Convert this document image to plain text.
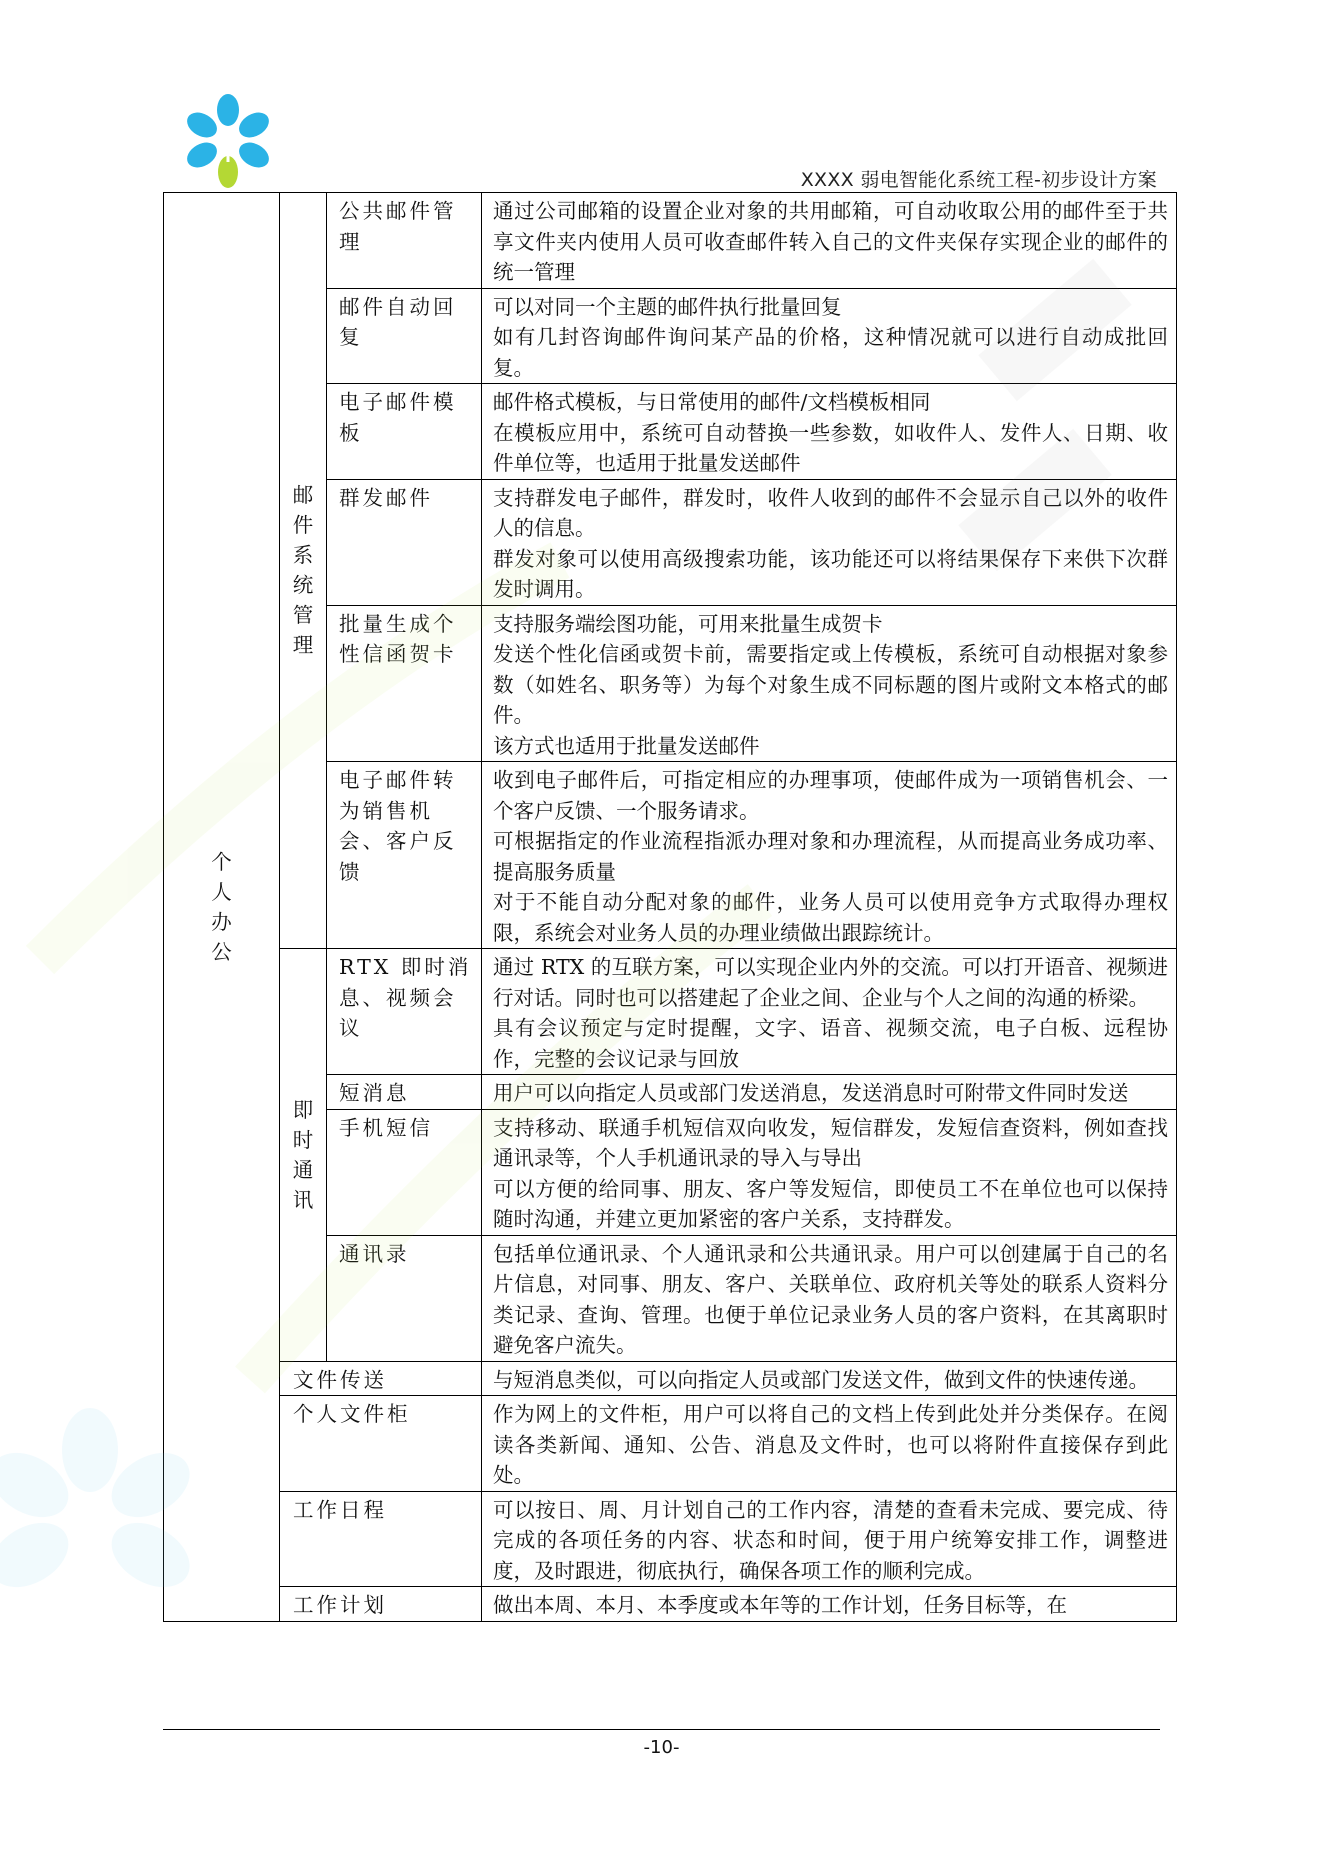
XXXX 弱电智能化系统工程-初步设计方案
个人办公	邮件系统管理	公共邮件管理	通过公司邮箱的设置企业对象的共用邮箱，可自动收取公用的邮件至于共享文件夹内使用人员可收查邮件转入自己的文件夹保存实现企业的邮件的统一管理

		邮件自动回复	可以对同一个主题的邮件执行批量回复
如有几封咨询邮件询问某产品的价格，这种情况就可以进行自动成批回复。

		电子邮件模板	邮件格式模板，与日常使用的邮件/文档模板相同
在模板应用中，系统可自动替换一些参数，如收件人、发件人、日期、收件单位等，也适用于批量发送邮件

		群发邮件	支持群发电子邮件，群发时，收件人收到的邮件不会显示自己以外的收件人的信息。
群发对象可以使用高级搜索功能，该功能还可以将结果保存下来供下次群发时调用。

		批量生成个性信函贺卡	支持服务端绘图功能，可用来批量生成贺卡
发送个性化信函或贺卡前，需要指定或上传模板，系统可自动根据对象参数（如姓名、职务等）为每个对象生成不同标题的图片或附文本格式的邮件。
该方式也适用于批量发送邮件

		电子邮件转为销售机会、客户反馈	收到电子邮件后，可指定相应的办理事项，使邮件成为一项销售机会、一个客户反馈、一个服务请求。
可根据指定的作业流程指派办理对象和办理流程，从而提高业务成功率、提高服务质量
对于不能自动分配对象的邮件，业务人员可以使用竞争方式取得办理权限，系统会对业务人员的办理业绩做出跟踪统计。

	即时通讯	RTX 即时消息、视频会议	通过 RTX 的互联方案，可以实现企业内外的交流。可以打开语音、视频进行对话。同时也可以搭建起了企业之间、企业与个人之间的沟通的桥梁。
具有会议预定与定时提醒，文字、语音、视频交流，电子白板、远程协作，完整的会议记录与回放

		短消息	用户可以向指定人员或部门发送消息，发送消息时可附带文件同时发送

		手机短信	支持移动、联通手机短信双向收发，短信群发，发短信查资料，例如查找通讯录等，个人手机通讯录的导入与导出
可以方便的给同事、朋友、客户等发短信，即使员工不在单位也可以保持随时沟通，并建立更加紧密的客户关系，支持群发。

		通讯录	包括单位通讯录、个人通讯录和公共通讯录。用户可以创建属于自己的名片信息，对同事、朋友、客户、关联单位、政府机关等处的联系人资料分类记录、查询、管理。也便于单位记录业务人员的客户资料，在其离职时避免客户流失。

	文件传送		与短消息类似，可以向指定人员或部门发送文件，做到文件的快速传递。

	个人文件柜		作为网上的文件柜，用户可以将自己的文档上传到此处并分类保存。在阅读各类新闻、通知、公告、消息及文件时，也可以将附件直接保存到此处。

	工作日程		可以按日、周、月计划自己的工作内容，清楚的查看未完成、要完成、待完成的各项任务的内容、状态和时间，便于用户统筹安排工作，调整进度，及时跟进，彻底执行，确保各项工作的顺利完成。

	工作计划		做出本周、本月、本季度或本年等的工作计划，任务目标等，在
-10-
